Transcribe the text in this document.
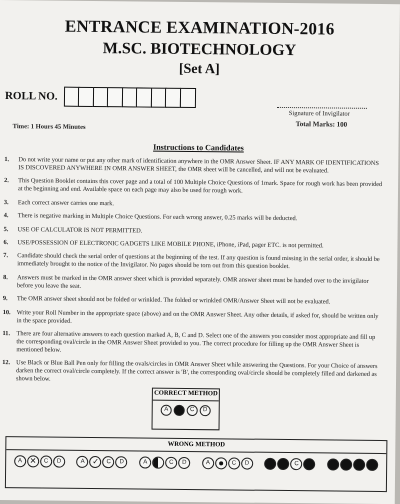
ENTRANCE EXAMINATION-2016
M.SC. BIOTECHNOLOGY
[Set A]
ROLL NO.
Signature of Invigilator
Total Marks: 100
Time: 1 Hours 45 Minutes
Instructions to Candidates
1.	Do not write your name or put any other mark of identification anywhere in the OMR Answer Sheet. IF ANY MARK OF IDENTIFICATIONS IS DISCOVERED ANYWHERE IN OMR ANSWER SHEET, the OMR sheet will be cancelled, and will not be evaluated.
2.	This Question Booklet contains this cover page and a total of 100 Multiple Choice Questions of 1mark. Space for rough work has been provided at the beginning and end. Available space on each page may also be used for rough work.
3.	Each correct answer carries one mark.
4.	There is negative marking in Multiple Choice Questions. For each wrong answer, 0.25 marks will be deducted.
5.	USE OF CALCULATOR IS NOT PERMITTED.
6.	USE/POSSESSION OF ELECTRONIC GADGETS LIKE MOBILE PHONE, iPhone, iPad, pager ETC. is not permitted.
7.	Candidate should check the serial order of questions at the beginning of the test. If any question is found missing in the serial order, it should be immediately brought to the notice of the Invigilator. No pages should be torn out from this question booklet.
8.	Answers must be marked in the OMR answer sheet which is provided separately. OMR answer sheet must be handed over to the invigilator before you leave the seat.
9.	The OMR answer sheet should not be folded or wrinkled. The folded or wrinkled OMR/Answer Sheet will not be evaluated.
10. Write your Roll Number in the appropriate space (above) and on the OMR Answer Sheet. Any other details, if asked for, should be written only in the space provided.
11.	There are four alternative answers to each question marked A, B, C and D. Select one of the answers you consider most appropriate and fill up the corresponding oval/circle in the OMR Answer Sheet provided to you. The correct procedure for filling up the OMR Answer Sheet is mentioned below.
12. Use Black or Blue Ball Pen only for filling the ovals/circles in OMR Answer Sheet while answering the Questions. For your Choice of answers darken the correct oval/circle completely. If the correct answer is 'B', the corresponding oval/circle should be completely filled and darkened as shown below.
CORRECT METHOD
A	B	C	D
WRONG METHOD
A ✕	C	D	A ✓	C	D	A	C	D	A	C	D	C
